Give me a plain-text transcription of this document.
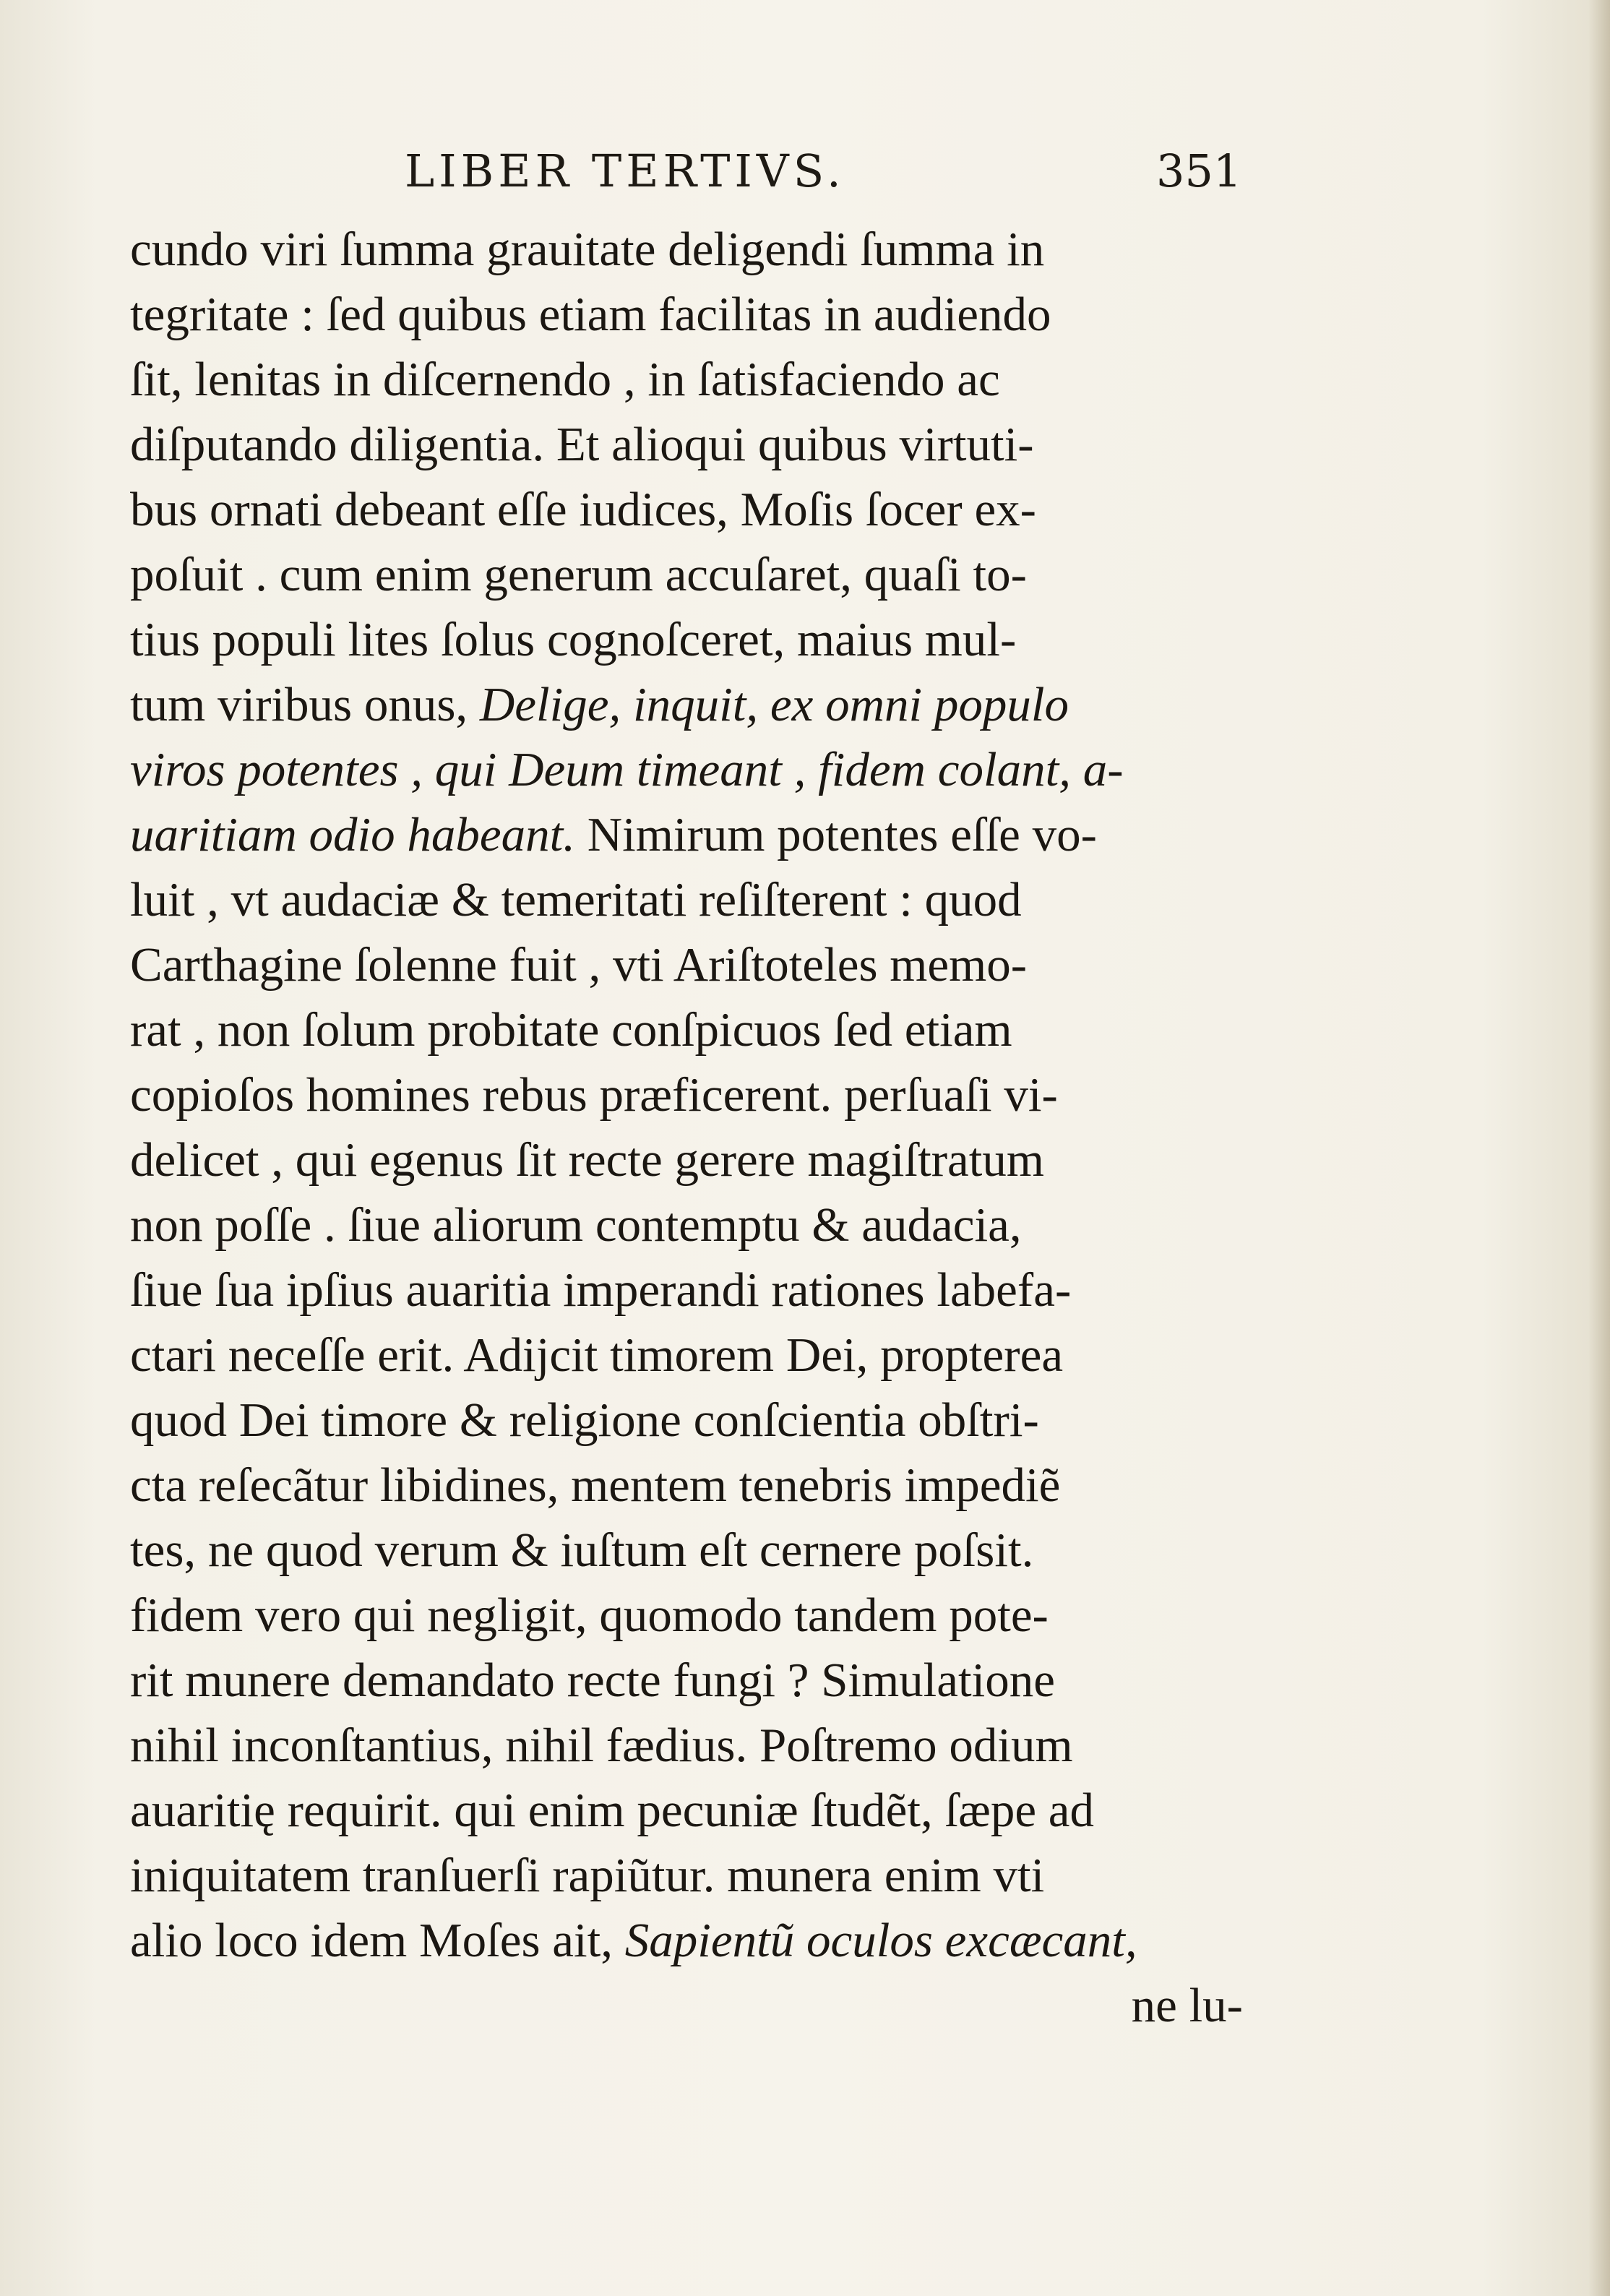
LIBER TERTIVS.	351
cundo viri ſumma grauitate deligendi ſumma in
tegritate : ſed quibus etiam facilitas in audiendo
ſit, lenitas in diſcernendo , in ſatisfaciendo ac
diſputando diligentia. Et alioqui quibus virtuti-
bus ornati debeant eſſe iudices, Moſis ſocer ex-
poſuit . cum enim generum accuſaret, quaſi to-
tius populi lites ſolus cognoſceret, maius mul-
tum viribus onus, Delige, inquit, ex omni populo
viros potentes , qui Deum timeant , fidem colant, a-
uaritiam odio habeant. Nimirum potentes eſſe vo-
luit , vt audaciæ & temeritati reſiſterent : quod
Carthagine ſolenne fuit , vti Ariſtoteles memo-
rat , non ſolum probitate conſpicuos ſed etiam
copioſos homines rebus præficerent. perſuaſi vi-
delicet , qui egenus ſit recte gerere magiſtratum
non poſſe . ſiue aliorum contemptu & audacia,
ſiue ſua ipſius auaritia imperandi rationes labefa-
ctari neceſſe erit. Adijcit timorem Dei, propterea
quod Dei timore & religione conſcientia obſtri-
cta reſecãtur libidines, mentem tenebris impediẽ
tes, ne quod verum & iuſtum eſt cernere poſsit.
fidem vero qui negligit, quomodo tandem pote-
rit munere demandato recte fungi ? Simulatione
nihil inconſtantius, nihil fædius. Poſtremo odium
auaritię requirit. qui enim pecuniæ ſtudẽt, ſæpe ad
iniquitatem tranſuerſi rapiũtur. munera enim vti
alio loco idem Moſes ait, Sapientũ oculos excæcant,
ne lu-
